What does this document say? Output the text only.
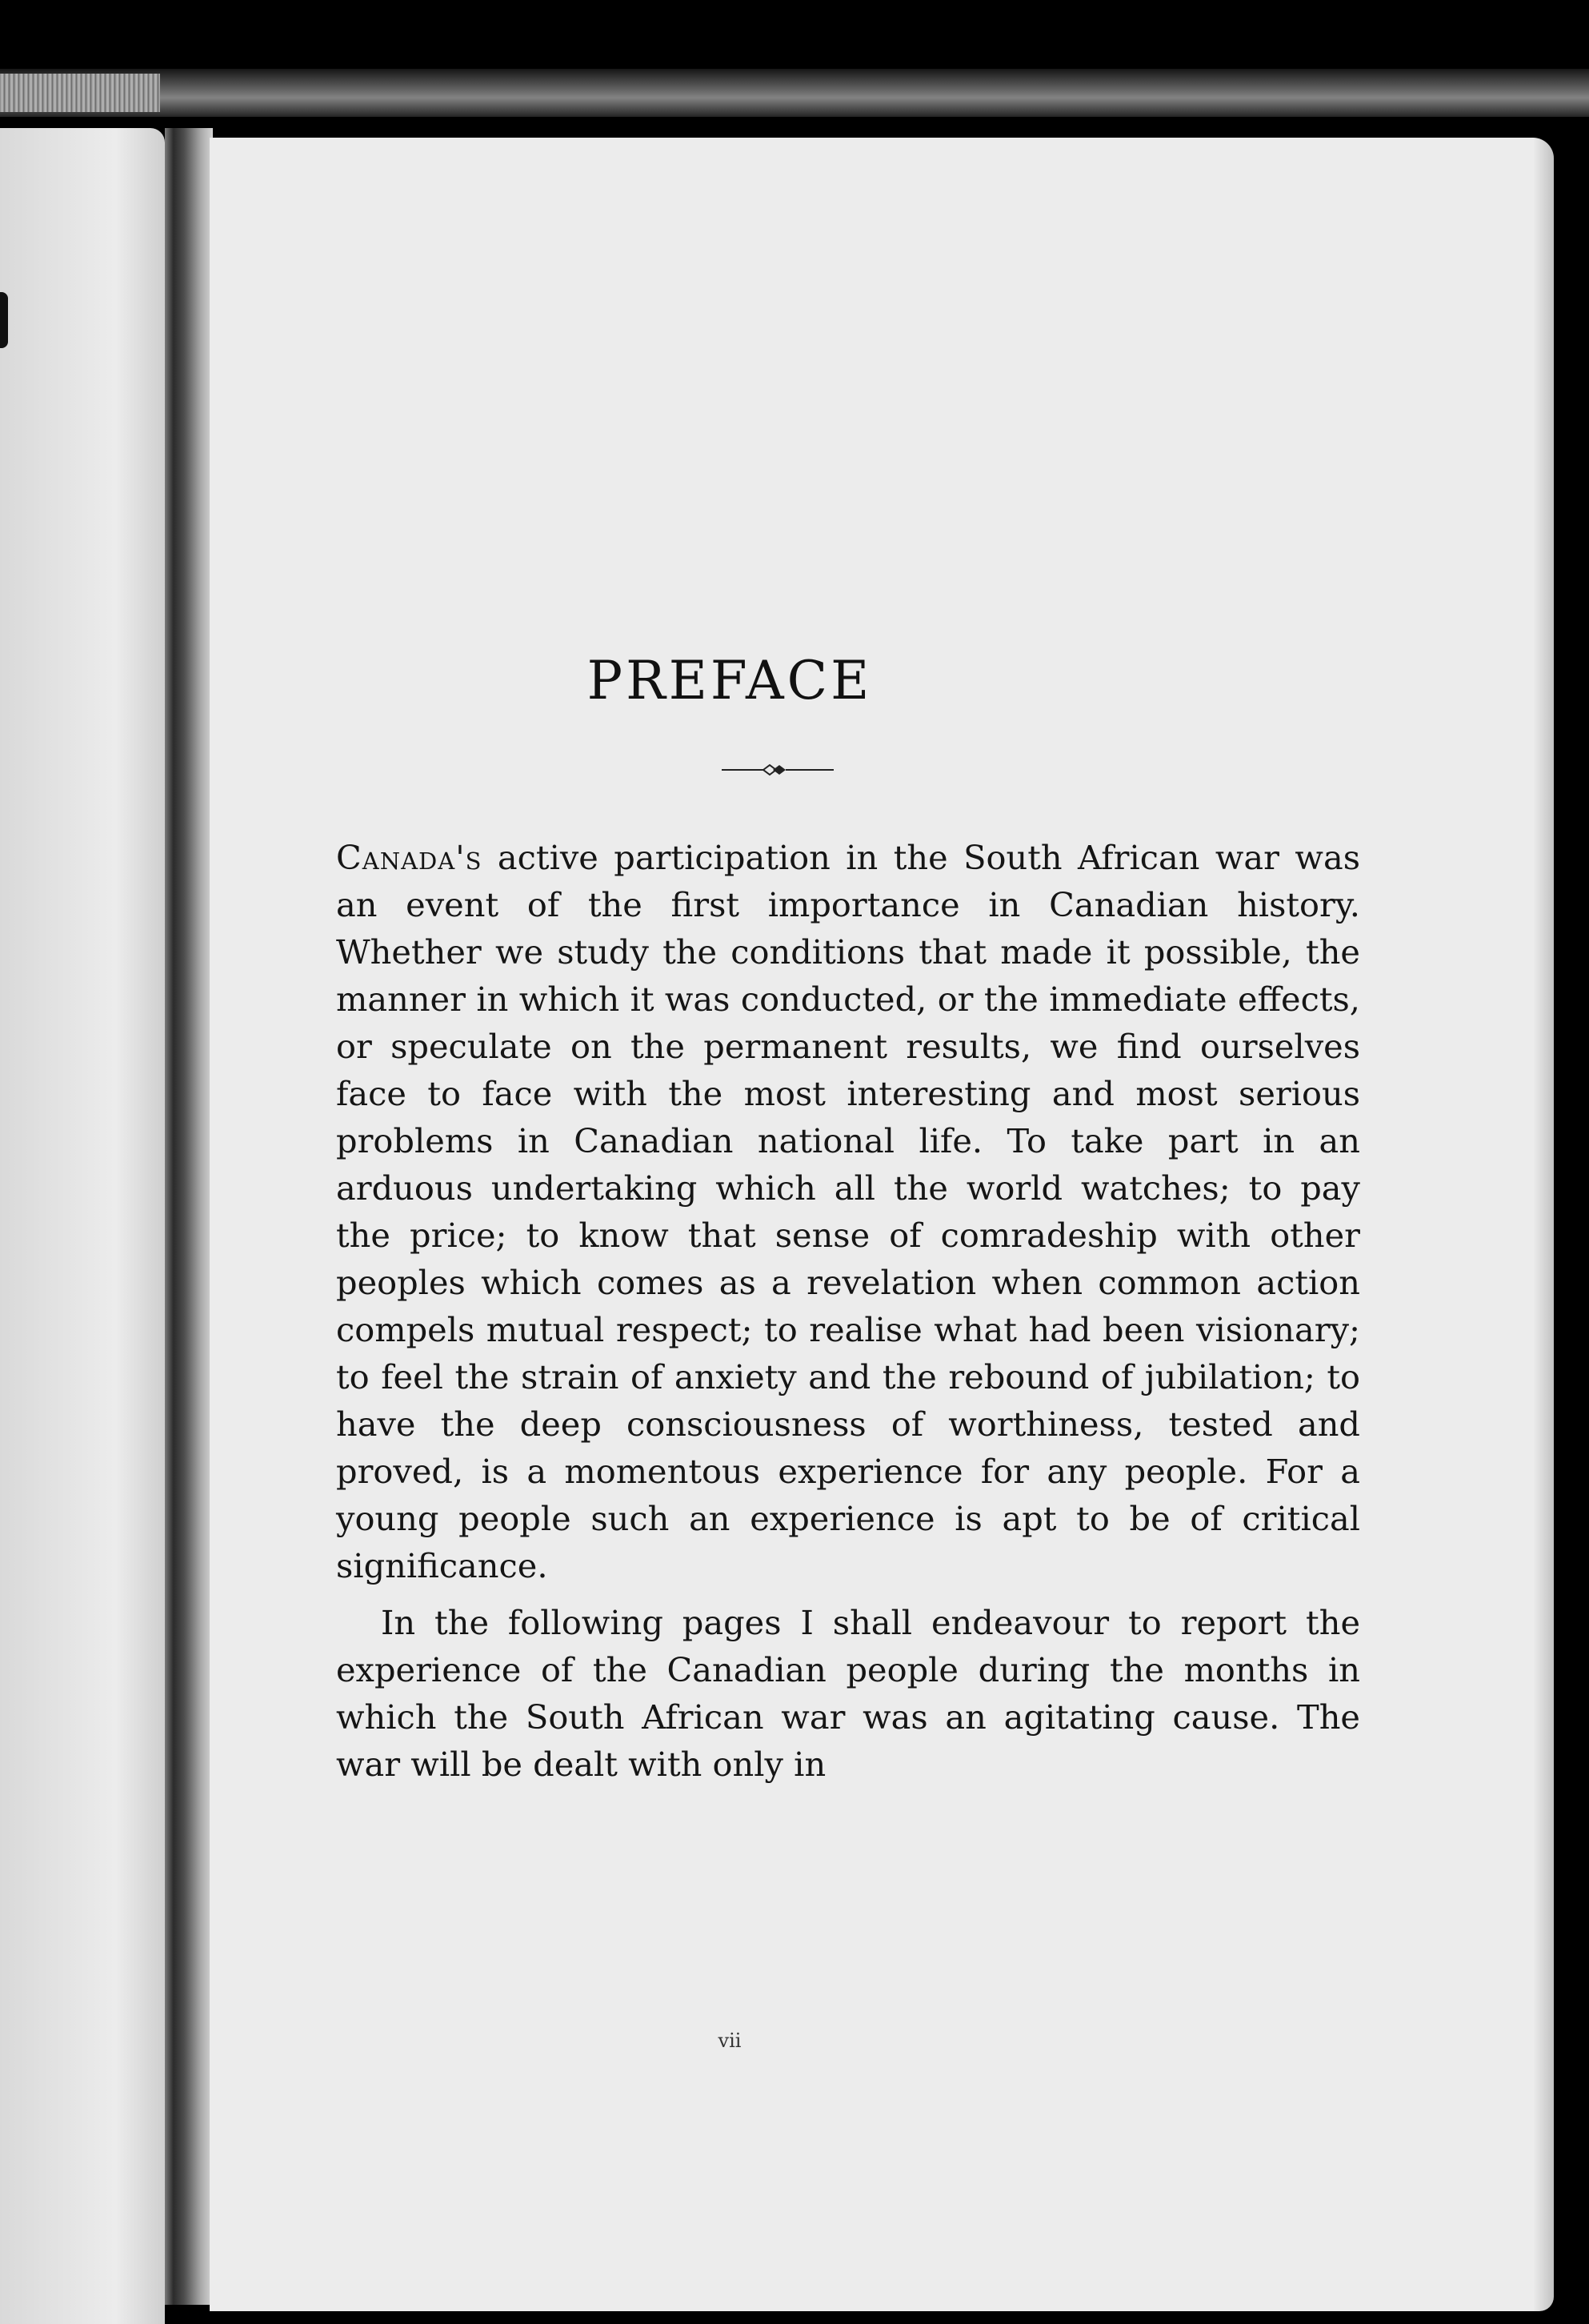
PREFACE

Canada's active participation in the South African war was an event of the first importance in Canadian history. Whether we study the conditions that made it possible, the manner in which it was conducted, or the immediate effects, or speculate on the permanent results, we find ourselves face to face with the most interesting and most serious problems in Canadian national life. To take part in an arduous undertaking which all the world watches; to pay the price; to know that sense of comradeship with other peoples which comes as a revelation when common action compels mutual respect; to realise what had been visionary; to feel the strain of anxiety and the rebound of jubilation; to have the deep consciousness of worthiness, tested and proved, is a momentous experience for any people. For a young people such an experience is apt to be of critical significance.

In the following pages I shall endeavour to report the experience of the Canadian people during the months in which the South African war was an agitating cause. The war will be dealt with only in

vii
